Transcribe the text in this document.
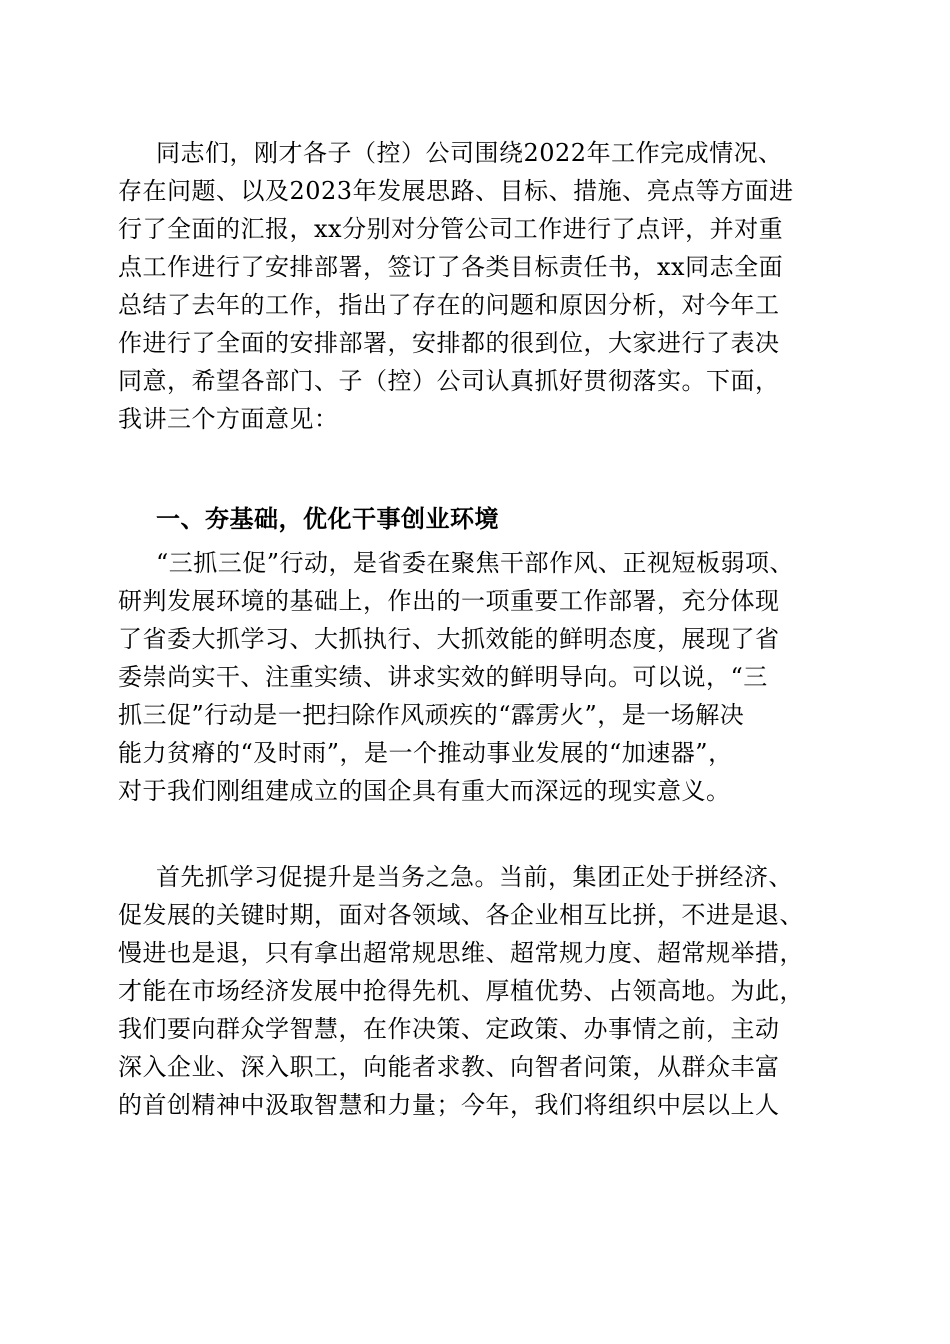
同志们，刚才各子（控）公司围绕2022年工作完成情况、
存在问题、以及2023年发展思路、目标、措施、亮点等方面进
行了全面的汇报，xx分别对分管公司工作进行了点评，并对重
点工作进行了安排部署，签订了各类目标责任书，xx同志全面
总结了去年的工作，指出了存在的问题和原因分析，对今年工
作进行了全面的安排部署，安排都的很到位，大家进行了表决
同意，希望各部门、子（控）公司认真抓好贯彻落实。下面，
我讲三个方面意见：
一、夯基础，优化干事创业环境
“三抓三促”行动，是省委在聚焦干部作风、正视短板弱项、
研判发展环境的基础上，作出的一项重要工作部署，充分体现
了省委大抓学习、大抓执行、大抓效能的鲜明态度，展现了省
委崇尚实干、注重实绩、讲求实效的鲜明导向。可以说，“三
抓三促”行动是一把扫除作风顽疾的“霹雳火”，是一场解决
能力贫瘠的“及时雨”，是一个推动事业发展的“加速器”，
对于我们刚组建成立的国企具有重大而深远的现实意义。
首先抓学习促提升是当务之急。当前，集团正处于拼经济、
促发展的关键时期，面对各领域、各企业相互比拼，不进是退、
慢进也是退，只有拿出超常规思维、超常规力度、超常规举措，
才能在市场经济发展中抢得先机、厚植优势、占领高地。为此，
我们要向群众学智慧，在作决策、定政策、办事情之前，主动
深入企业、深入职工，向能者求教、向智者问策，从群众丰富
的首创精神中汲取智慧和力量；今年，我们将组织中层以上人
